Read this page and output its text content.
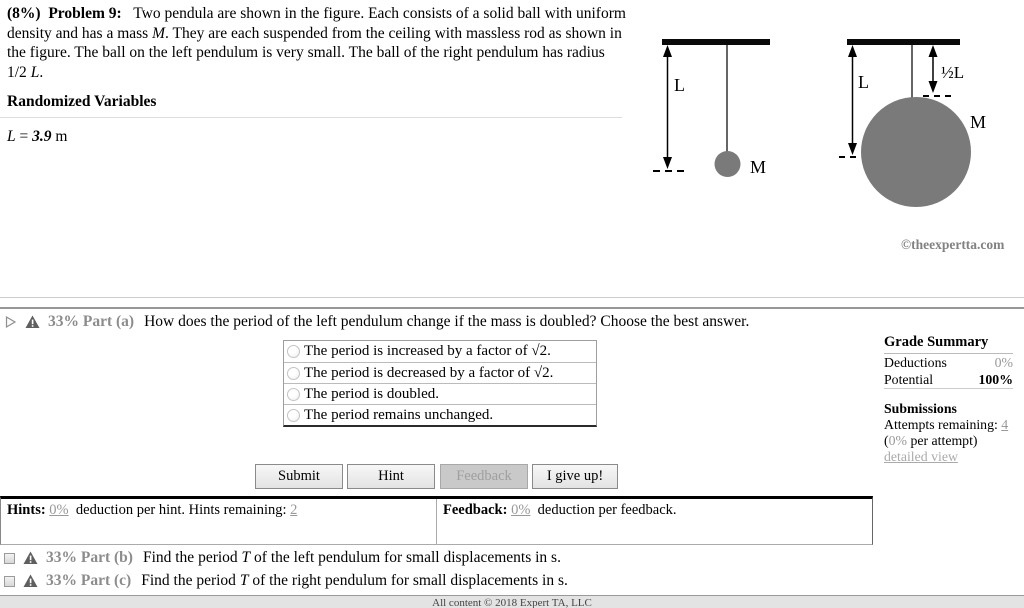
(8%)  Problem 9:   Two pendula are shown in the figure. Each consists of a solid ball with uniform density and has a mass M. They are each suspended from the ceiling with massless rod as shown in the figure. The ball on the left pendulum is very small. The ball of the right pendulum has radius 1/2 L.
Randomized Variables
L = 3.9 m
L
M
L	½L
M
©theexpertta.com
33% Part (a) How does the period of the left pendulum change if the mass is doubled? Choose the best answer.
The period is increased by a factor of √2.
The period is decreased by a factor of √2.
The period is doubled.
The period remains unchanged.
Submit	Hint	Feedback	I give up!
Hints: 0%  deduction per hint. Hints remaining: 2	Feedback: 0%  deduction per feedback.
Grade Summary
Deductions	0%
Potential	100%
Submissions
Attempts remaining: 4
(0% per attempt)
detailed view
33% Part (b) Find the period T of the left pendulum for small displacements in s.
33% Part (c) Find the period T of the right pendulum for small displacements in s.
All content © 2018 Expert TA, LLC
